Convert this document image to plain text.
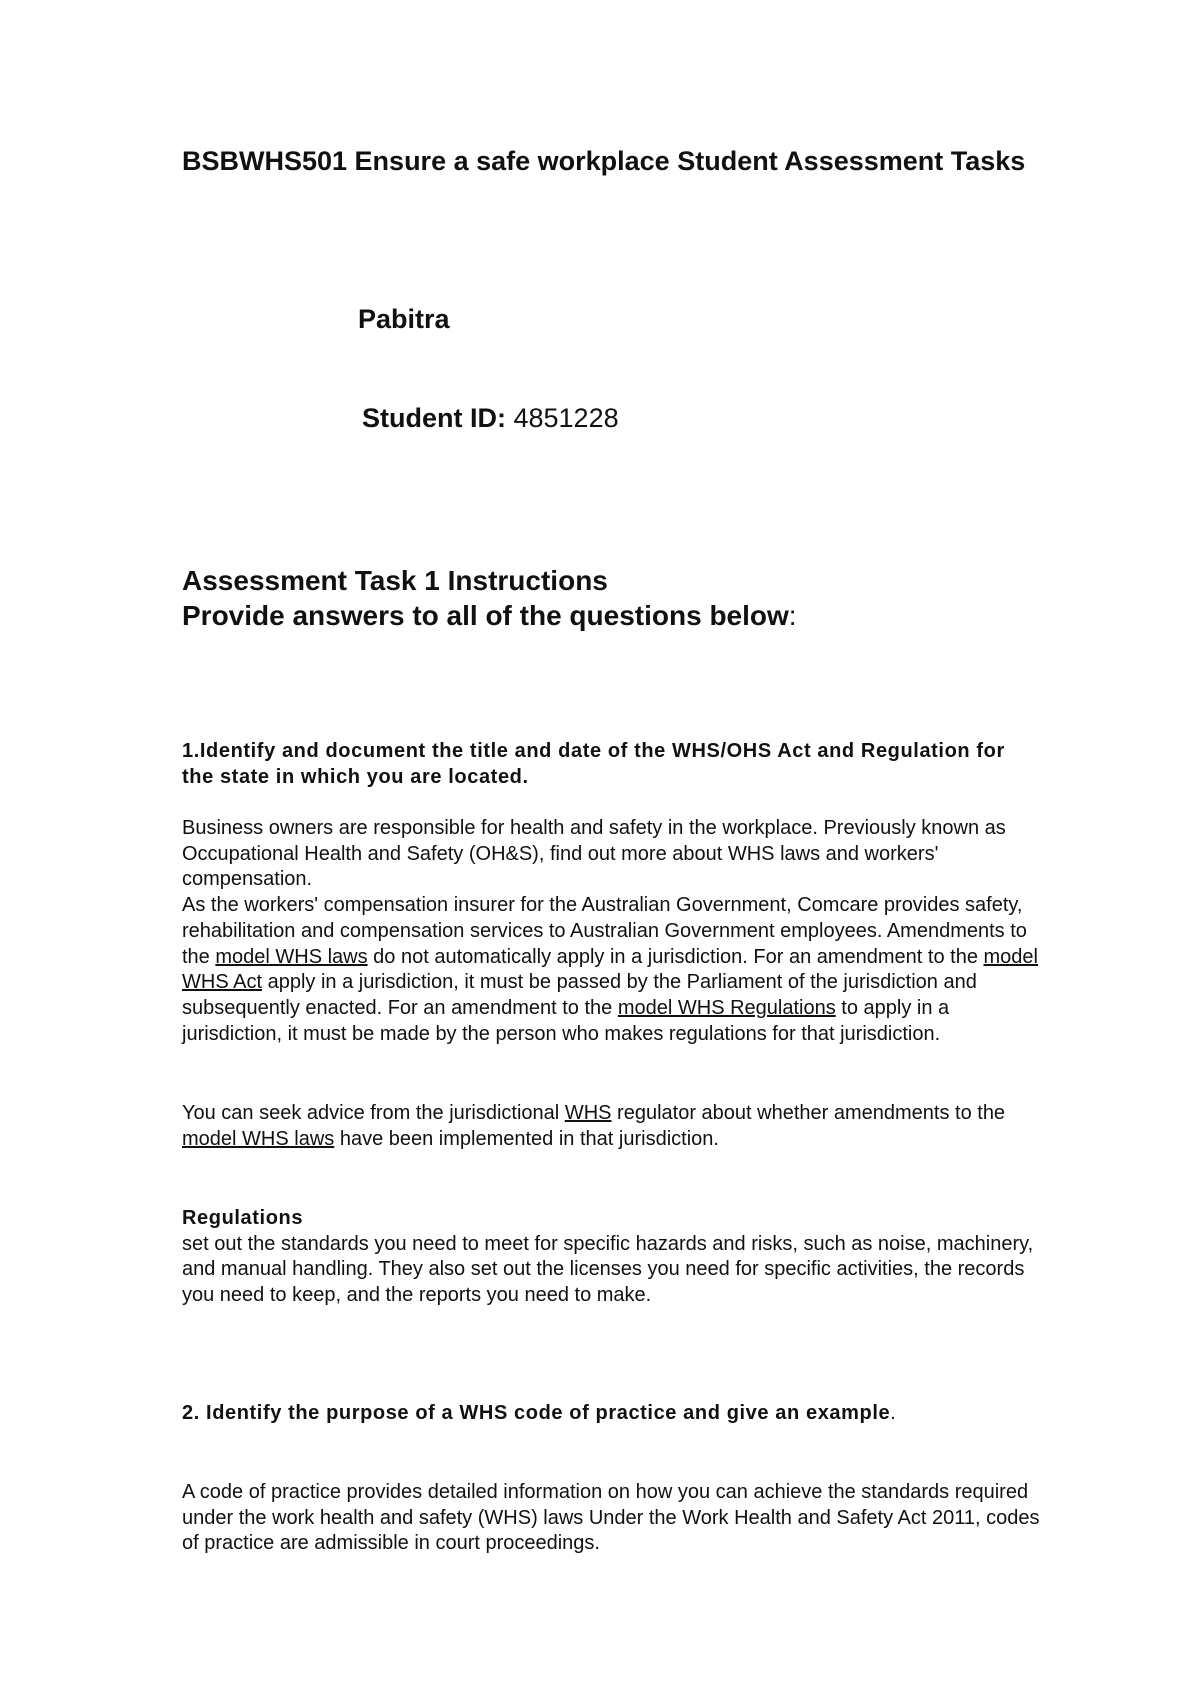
BSBWHS501 Ensure a safe workplace Student Assessment Tasks
Pabitra
Student ID: 4851228
Assessment Task 1 Instructions
Provide answers to all of the questions below:
1.Identify and document the title and date of the WHS/OHS Act and Regulation for the state in which you are located.

Business owners are responsible for health and safety in the workplace. Previously known as Occupational Health and Safety (OH&S), find out more about WHS laws and workers' compensation.

As the workers' compensation insurer for the Australian Government, Comcare provides safety, rehabilitation and compensation services to Australian Government employees. Amendments to the model WHS laws do not automatically apply in a jurisdiction. For an amendment to the model WHS Act apply in a jurisdiction, it must be passed by the Parliament of the jurisdiction and subsequently enacted. For an amendment to the model WHS Regulations to apply in a jurisdiction, it must be made by the person who makes regulations for that jurisdiction.

You can seek advice from the jurisdictional WHS regulator about whether amendments to the model WHS laws have been implemented in that jurisdiction.
Regulations

set out the standards you need to meet for specific hazards and risks, such as noise, machinery, and manual handling. They also set out the licenses you need for specific activities, the records you need to keep, and the reports you need to make.

2. Identify the purpose of a WHS code of practice and give an example.
A code of practice provides detailed information on how you can achieve the standards required under the work health and safety (WHS) laws Under the Work Health and Safety Act 2011, codes of practice are admissible in court proceedings.
